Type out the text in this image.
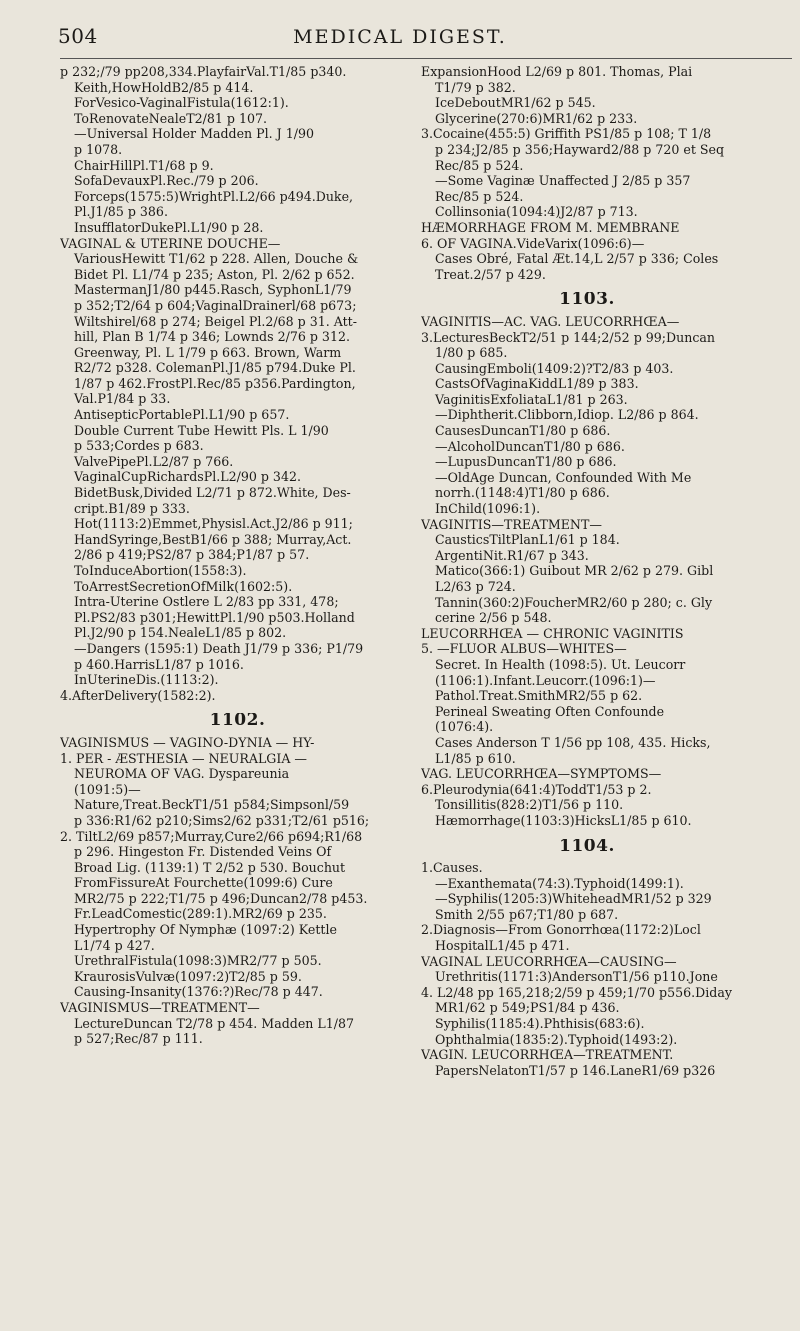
504	MEDICAL DIGEST.

p 232;/79 pp208,334.PlayfairVal.T1/85 p340.

Keith,HowHoldB2/85 p 414.

ForVesico-VaginalFistula(1612:1).

ToRenovateNealeT2/81 p 107.

—Universal Holder Madden Pl. J 1/90

p 1078.

ChairHillPl.T1/68 p 9.

SofaDevauxPl.Rec./79 p 206.

Forceps(1575:5)WrightPl.L2/66 p494.Duke,

Pl.J1/85 p 386.

InsufflatorDukePl.L1/90 p 28.

VAGINAL & UTERINE DOUCHE—

VariousHewitt T1/62 p 228. Allen, Douche &

Bidet Pl. L1/74 p 235; Aston, Pl. 2/62 p 652.

MastermanJ1/80 p445.Rasch, SyphonL1/79

p 352;T2/64 p 604;VaginalDrainerl/68 p673;

Wiltshirel/68 p 274; Beigel Pl.2/68 p 31. Att-

hill, Plan B 1/74 p 346; Lownds 2/76 p 312.

Greenway, Pl. L 1/79 p 663. Brown, Warm

R2/72 p328. ColemanPl.J1/85 p794.Duke Pl.

1/87 p 462.FrostPl.Rec/85 p356.Pardington,

Val.P1/84 p 33.

AntisepticPortablePl.L1/90 p 657.

Double Current Tube Hewitt Pls. L 1/90

p 533;Cordes p 683.

ValvePipePl.L2/87 p 766.

VaginalCupRichardsPl.L2/90 p 342.

BidetBusk,Divided L2/71 p 872.White, Des-

cript.B1/89 p 333.

Hot(1113:2)Emmet,Physisl.Act.J2/86 p 911;

HandSyringe,BestB1/66 p 388; Murray,Act.

2/86 p 419;PS2/87 p 384;P1/87 p 57.

ToInduceAbortion(1558:3).

ToArrestSecretionOfMilk(1602:5).

Intra-Uterine Ostlere L 2/83 pp 331, 478;

Pl.PS2/83 p301;HewittPl.1/90 p503.Holland

Pl.J2/90 p 154.NealeL1/85 p 802.

—Dangers (1595:1) Death J1/79 p 336; P1/79

p 460.HarrisL1/87 p 1016.

InUterineDis.(1113:2).

4.AfterDelivery(1582:2).

1102.

VAGINISMUS — VAGINO-DYNIA — HY-

1. PER - ÆSTHESIA — NEURALGIA —

NEURОMA OF VAG. Dyspareunia

(1091:5)—

Nature,Treat.BeckT1/51 p584;Simpsonl/59

p 336:R1/62 p210;Sims2/62 p331;T2/61 p516;

2. TiltL2/69 p857;Murray,Cure2/66 p694;R1/68

p 296. Hingeston Fr. Distended Veins Of

Broad Lig. (1139:1) T 2/52 p 530. Bouchut

FromFissureAt Fourchette(1099:6) Cure

MR2/75 p 222;T1/75 p 496;Duncan2/78 p453.

Fr.LeadComestic(289:1).MR2/69 p 235.

Hypertrophy Of Nymphæ (1097:2) Kettle

L1/74 p 427.

UrethralFistula(1098:3)MR2/77 p 505.

KraurosisVulvæ(1097:2)T2/85 p 59.

Causing-Insanity(1376:?)Rec/78 p 447.

VAGINISMUS—TREATMENT—

LectureDuncan T2/78 p 454. Madden L1/87

p 527;Rec/87 p 111.

ExpansionHood L2/69 p 801. Thomas, Plai

T1/79 p 382.

IceDeboutMR1/62 p 545.

Glycerine(270:6)MR1/62 p 233.

3.Cocaine(455:5) Griffith PS1/85 p 108; T 1/8

p 234;J2/85 p 356;Hayward2/88 p 720 et Seq

Rec/85 p 524.

—Some Vaginæ Unaffected J 2/85 p 357

Rec/85 p 524.

Collinsonia(1094:4)J2/87 p 713.

HÆMORRHAGE FROM M. MEMBRANE

6. OF VAGINA.VideVarix(1096:6)—

Cases Obré, Fatal Æt.14,L 2/57 p 336; Coles

Treat.2/57 p 429.

1103.

VAGINITIS—AC. VAG. LEUCORRHŒA—

3.LecturesBeckT2/51 p 144;2/52 p 99;Duncan

1/80 p 685.

CausingEmboli(1409:2)?T2/83 p 403.

CastsOfVaginaKiddL1/89 p 383.

VaginitisExfoliataL1/81 p 263.

—Diphtherit.Clibborn,Idiop. L2/86 p 864.

CausesDuncanT1/80 p 686.

—AlcoholDuncanT1/80 p 686.

—LupusDuncanT1/80 p 686.

—OldAge Duncan, Confounded With Me

norrh.(1148:4)T1/80 p 686.

InChild(1096:1).

VAGINITIS—TREATMENT—

CausticsTiltPlanL1/61 p 184.

ArgentiNit.R1/67 p 343.

Matico(366:1) Guibout MR 2/62 p 279. Gibl

L2/63 p 724.

Tannin(360:2)FoucherMR2/60 p 280; c. Gly

cerine 2/56 p 548.

LEUCORRHŒA — CHRONIC VAGINITIS

5. —FLUOR ALBUS—WHITES—

Secret. In Health (1098:5). Ut. Leucorr

(1106:1).Infant.Leucorr.(1096:1)—

Pathol.Treat.SmithMR2/55 p 62.

Perineal Sweating Often Confounde

(1076:4).

Cases Anderson T 1/56 pp 108, 435. Hicks,

L1/85 p 610.

VAG. LEUCORRHŒA—SYMPTOMS—

6.Pleurodynia(641:4)ToddT1/53 p 2.

Tonsillitis(828:2)T1/56 p 110.

Hæmorrhage(1103:3)HicksL1/85 p 610.

1104.

1.Causes.

—Exanthemata(74:3).Typhoid(1499:1).

—Syphilis(1205:3)WhiteheadMR1/52 p 329

Smith 2/55 p67;T1/80 p 687.

2.Diagnosis—From Gonorrhœa(1172:2)Locl

HospitalL1/45 p 471.

VAGINAL LEUCORRHŒA—CAUSING—

Urethritis(1171:3)AndersonT1/56 p110.Jone

4. L2/48 pp 165,218;2/59 p 459;1/70 p556.Diday

MR1/62 p 549;PS1/84 p 436.

Syphilis(1185:4).Phthisis(683:6).

Ophthalmia(1835:2).Typhoid(1493:2).

VAGIN. LEUCORRHŒA—TREATMENT.

PapersNelatonT1/57 p 146.LaneR1/69 p326
